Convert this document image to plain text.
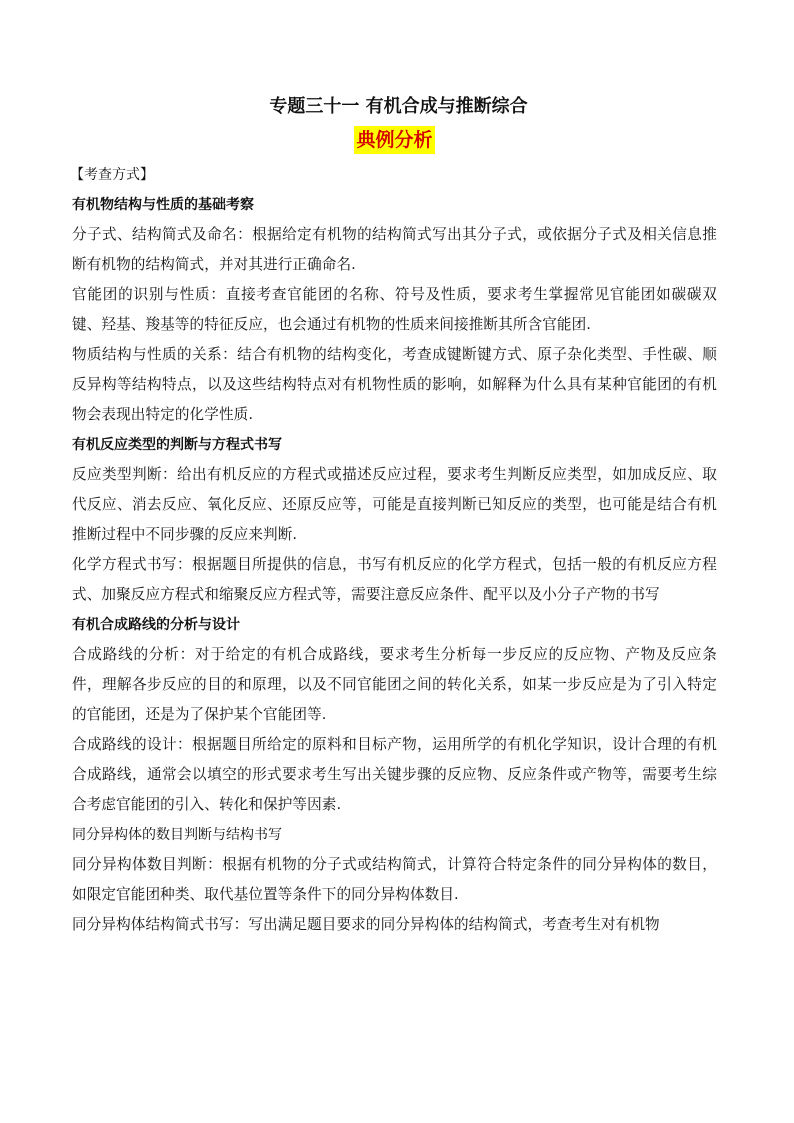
专题三十一 有机合成与推断综合
典例分析
【考查方式】

有机物结构与性质的基础考察

分子式、结构简式及命名：根据给定有机物的结构简式写出其分子式，或依据分子式及相关信息推断有机物的结构简式，并对其进行正确命名.

官能团的识别与性质：直接考查官能团的名称、符号及性质，要求考生掌握常见官能团如碳碳双键、羟基、羧基等的特征反应，也会通过有机物的性质来间接推断其所含官能团.

物质结构与性质的关系：结合有机物的结构变化，考查成键断键方式、原子杂化类型、手性碳、顺反异构等结构特点，以及这些结构特点对有机物性质的影响，如解释为什么具有某种官能团的有机物会表现出特定的化学性质.

有机反应类型的判断与方程式书写

反应类型判断：给出有机反应的方程式或描述反应过程，要求考生判断反应类型，如加成反应、取代反应、消去反应、氧化反应、还原反应等，可能是直接判断已知反应的类型，也可能是结合有机推断过程中不同步骤的反应来判断.

化学方程式书写：根据题目所提供的信息，书写有机反应的化学方程式，包括一般的有机反应方程式、加聚反应方程式和缩聚反应方程式等，需要注意反应条件、配平以及小分子产物的书写

有机合成路线的分析与设计

合成路线的分析：对于给定的有机合成路线，要求考生分析每一步反应的反应物、产物及反应条件，理解各步反应的目的和原理，以及不同官能团之间的转化关系，如某一步反应是为了引入特定的官能团，还是为了保护某个官能团等.

合成路线的设计：根据题目所给定的原料和目标产物，运用所学的有机化学知识，设计合理的有机合成路线，通常会以填空的形式要求考生写出关键步骤的反应物、反应条件或产物等，需要考生综合考虑官能团的引入、转化和保护等因素.

同分异构体的数目判断与结构书写

同分异构体数目判断：根据有机物的分子式或结构简式，计算符合特定条件的同分异构体的数目，如限定官能团种类、取代基位置等条件下的同分异构体数目.

同分异构体结构简式书写：写出满足题目要求的同分异构体的结构简式，考查考生对有机物
